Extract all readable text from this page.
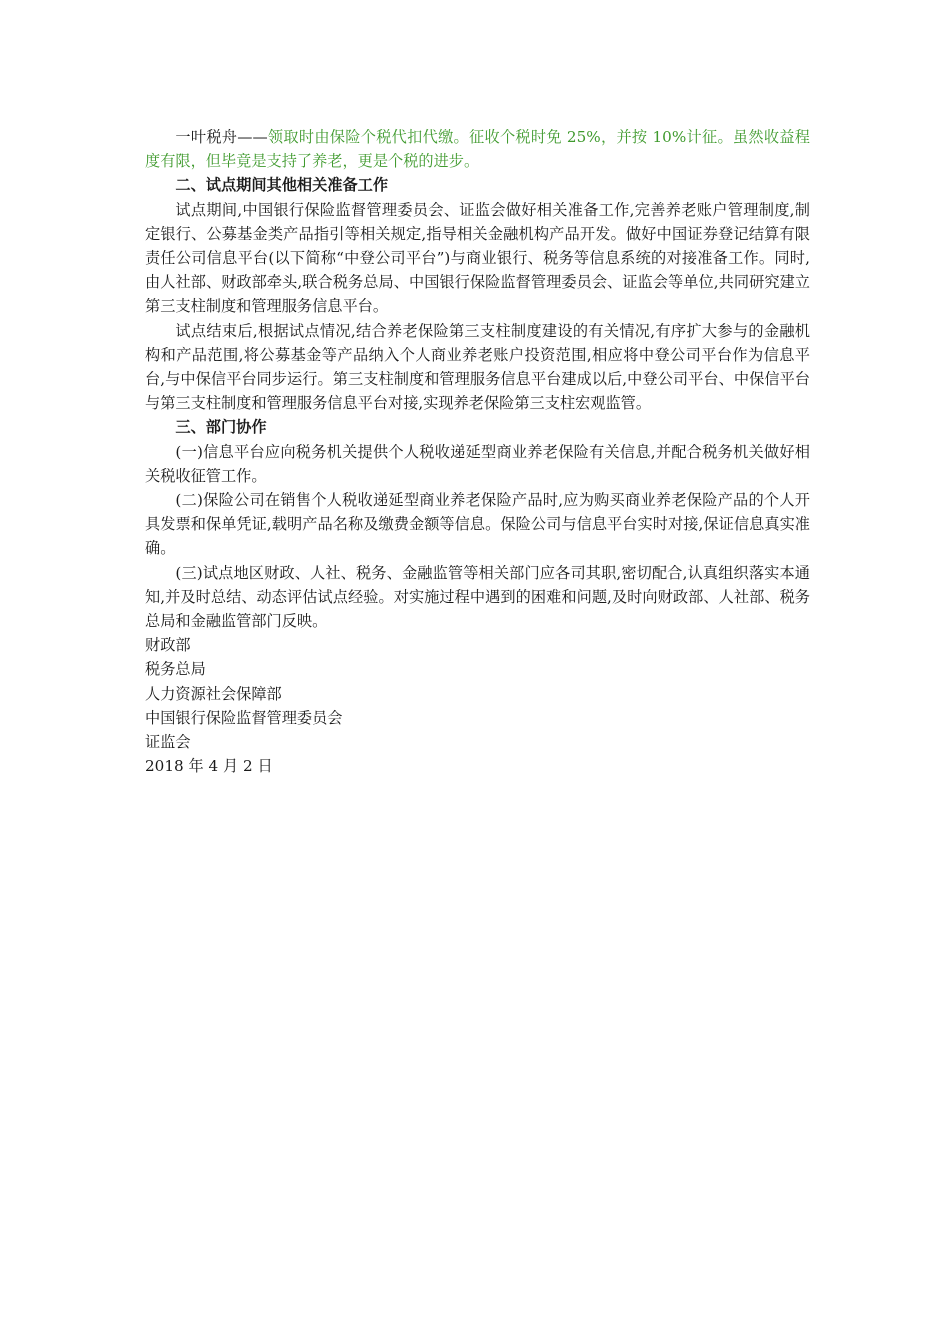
一叶税舟——领取时由保险个税代扣代缴。征收个税时免 25%，并按 10%计征。虽然收益程度有限，但毕竟是支持了养老，更是个税的进步。

二、试点期间其他相关准备工作

试点期间,中国银行保险监督管理委员会、证监会做好相关准备工作,完善养老账户管理制度,制定银行、公募基金类产品指引等相关规定,指导相关金融机构产品开发。做好中国证券登记结算有限责任公司信息平台(以下简称“中登公司平台”)与商业银行、税务等信息系统的对接准备工作。同时,由人社部、财政部牵头,联合税务总局、中国银行保险监督管理委员会、证监会等单位,共同研究建立第三支柱制度和管理服务信息平台。

试点结束后,根据试点情况,结合养老保险第三支柱制度建设的有关情况,有序扩大参与的金融机构和产品范围,将公募基金等产品纳入个人商业养老账户投资范围,相应将中登公司平台作为信息平台,与中保信平台同步运行。第三支柱制度和管理服务信息平台建成以后,中登公司平台、中保信平台与第三支柱制度和管理服务信息平台对接,实现养老保险第三支柱宏观监管。

三、部门协作

(一)信息平台应向税务机关提供个人税收递延型商业养老保险有关信息,并配合税务机关做好相关税收征管工作。

(二)保险公司在销售个人税收递延型商业养老保险产品时,应为购买商业养老保险产品的个人开具发票和保单凭证,载明产品名称及缴费金额等信息。保险公司与信息平台实时对接,保证信息真实准确。

(三)试点地区财政、人社、税务、金融监管等相关部门应各司其职,密切配合,认真组织落实本通知,并及时总结、动态评估试点经验。对实施过程中遇到的困难和问题,及时向财政部、人社部、税务总局和金融监管部门反映。

财政部

税务总局

人力资源社会保障部

中国银行保险监督管理委员会

证监会

2018 年 4 月 2 日
